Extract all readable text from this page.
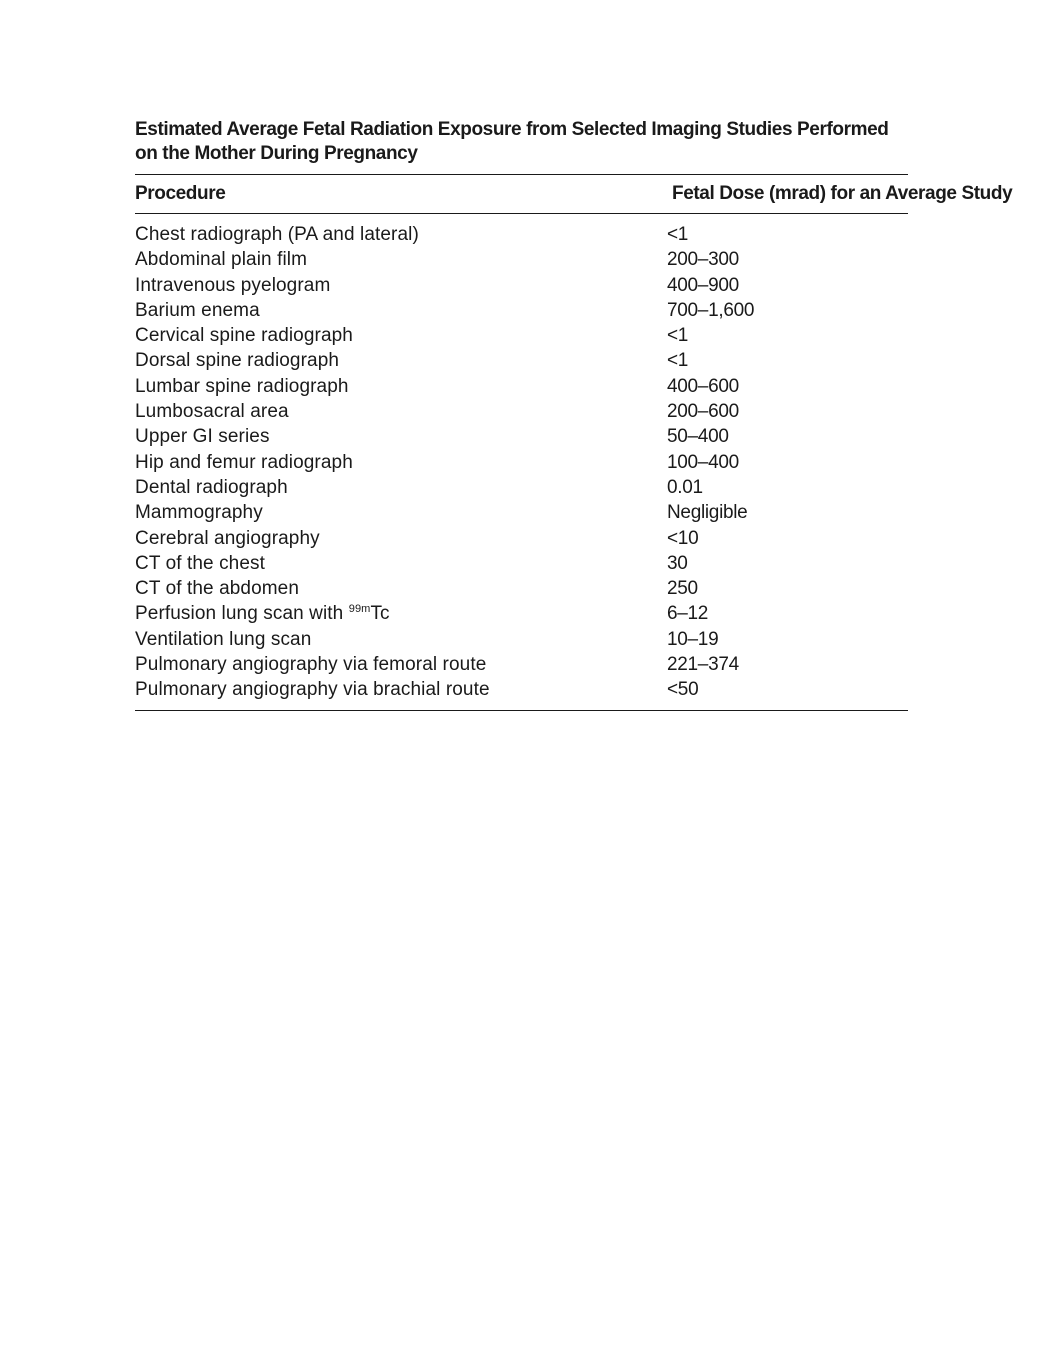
Estimated Average Fetal Radiation Exposure from Selected Imaging Studies Performed
on the Mother During Pregnancy
Procedure	Fetal Dose (mrad) for an Average Study

Chest radiograph (PA and lateral)	<1
Abdominal plain film	200–300
Intravenous pyelogram	400–900
Barium enema	700–1,600
Cervical spine radiograph	<1
Dorsal spine radiograph	<1
Lumbar spine radiograph	400–600
Lumbosacral area	200–600
Upper GI series	50–400
Hip and femur radiograph	100–400
Dental radiograph	0.01
Mammography	Negligible
Cerebral angiography	<10
CT of the chest	30
CT of the abdomen	250
Perfusion lung scan with $^{99m}$Tc	6–12
Ventilation lung scan	10–19
Pulmonary angiography via femoral route	221–374
Pulmonary angiography via brachial route	<50
